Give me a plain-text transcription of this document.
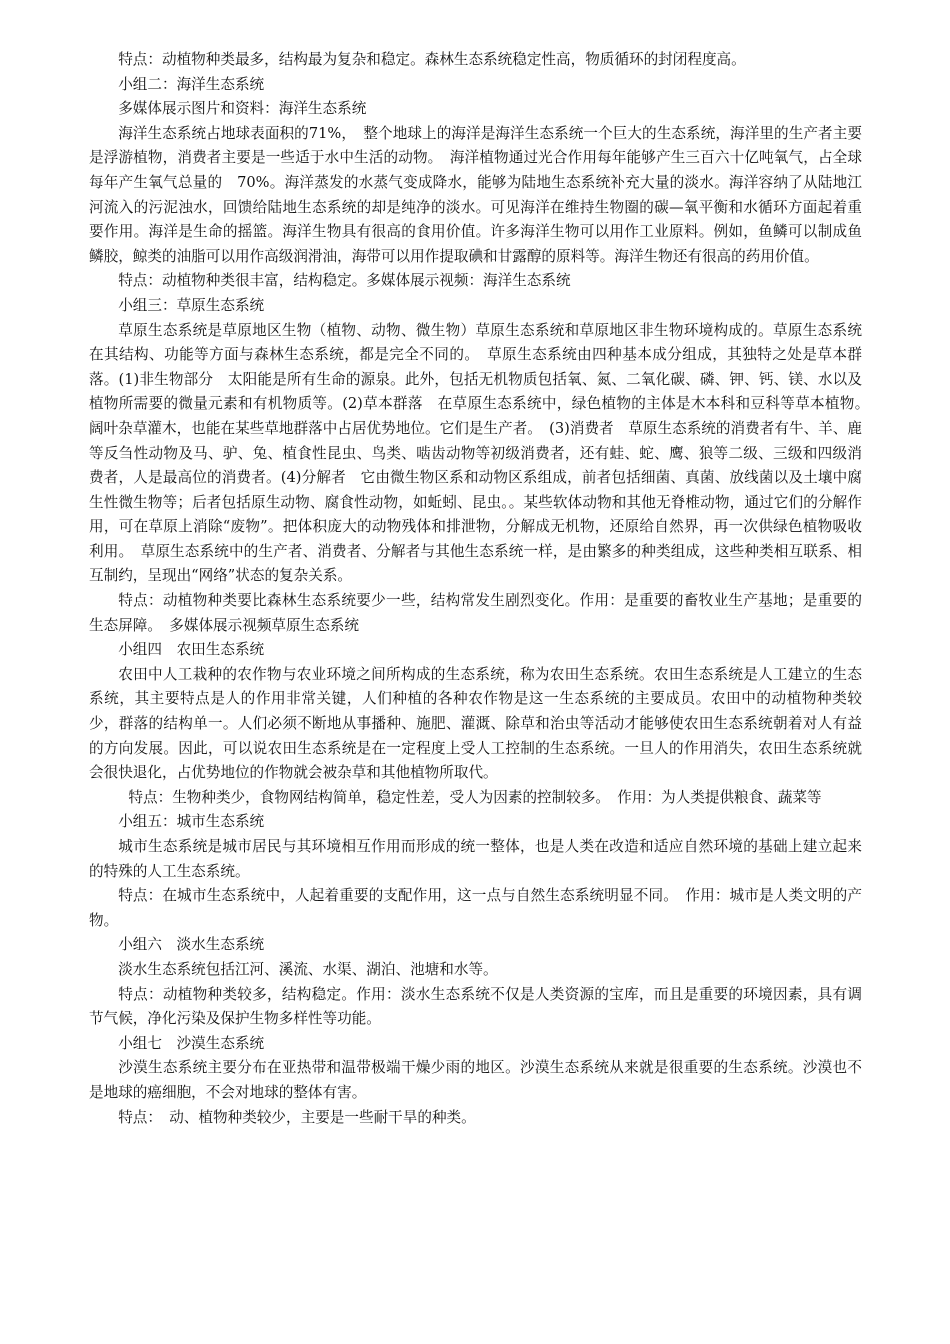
特点：动植物种类最多，结构最为复杂和稳定。森林生态系统稳定性高，物质循环的封闭程度高。

小组二：海洋生态系统

多媒体展示图片和资料：海洋生态系统

海洋生态系统占地球表面积的71%，　整个地球上的海洋是海洋生态系统一个巨大的生态系统，海洋里的生产者主要是浮游植物，消费者主要是一些适于水中生活的动物。　海洋植物通过光合作用每年能够产生三百六十亿吨氧气，占全球每年产生氧气总量的　70%。海洋蒸发的水蒸气变成降水，能够为陆地生态系统补充大量的淡水。海洋容纳了从陆地江河流入的污泥浊水，回馈给陆地生态系统的却是纯净的淡水。可见海洋在维持生物圈的碳—氧平衡和水循环方面起着重要作用。海洋是生命的摇篮。海洋生物具有很高的食用价值。许多海洋生物可以用作工业原料。例如，鱼鳞可以制成鱼鳞胶，鲸类的油脂可以用作高级润滑油，海带可以用作提取碘和甘露醇的原料等。海洋生物还有很高的药用价值。

特点：动植物种类很丰富，结构稳定。多媒体展示视频：海洋生态系统

小组三：草原生态系统

草原生态系统是草原地区生物（植物、动物、微生物）草原生态系统和草原地区非生物环境构成的。草原生态系统在其结构、功能等方面与森林生态系统，都是完全不同的。　草原生态系统由四种基本成分组成，其独特之处是草本群落。(1)非生物部分　太阳能是所有生命的源泉。此外，包括无机物质包括氧、氮、二氧化碳、磷、钾、钙、镁、水以及植物所需要的微量元素和有机物质等。(2)草本群落　在草原生态系统中，绿色植物的主体是木本科和豆科等草本植物。　阔叶杂草灌木，也能在某些草地群落中占居优势地位。它们是生产者。　(3)消费者　草原生态系统的消费者有牛、羊、鹿等反刍性动物及马、驴、兔、植食性昆虫、鸟类、啮齿动物等初级消费者，还有蛙、蛇、鹰、狼等二级、三级和四级消费者，人是最高位的消费者。(4)分解者　它由微生物区系和动物区系组成，前者包括细菌、真菌、放线菌以及土壤中腐生性微生物等；后者包括原生动物、腐食性动物，如蚯蚓、昆虫。。某些软体动物和其他无脊椎动物，通过它们的分解作用，可在草原上消除“废物”。把体积庞大的动物残体和排泄物，分解成无机物，还原给自然界，再一次供绿色植物吸收利用。　草原生态系统中的生产者、消费者、分解者与其他生态系统一样，是由繁多的种类组成，这些种类相互联系、相互制约，呈现出“网络”状态的复杂关系。

特点：动植物种类要比森林生态系统要少一些，结构常发生剧烈变化。作用：是重要的畜牧业生产基地；是重要的生态屏障。　多媒体展示视频草原生态系统

小组四　农田生态系统

农田中人工栽种的农作物与农业环境之间所构成的生态系统，称为农田生态系统。农田生态系统是人工建立的生态系统，其主要特点是人的作用非常关键，人们种植的各种农作物是这一生态系统的主要成员。农田中的动植物种类较少，群落的结构单一。人们必须不断地从事播种、施肥、灌溉、除草和治虫等活动才能够使农田生态系统朝着对人有益的方向发展。因此，可以说农田生态系统是在一定程度上受人工控制的生态系统。一旦人的作用消失，农田生态系统就会很快退化，占优势地位的作物就会被杂草和其他植物所取代。

特点：生物种类少，食物网结构简单，稳定性差，受人为因素的控制较多。　作用：为人类提供粮食、蔬菜等

小组五：城市生态系统

城市生态系统是城市居民与其环境相互作用而形成的统一整体，也是人类在改造和适应自然环境的基础上建立起来的特殊的人工生态系统。

特点：在城市生态系统中，人起着重要的支配作用，这一点与自然生态系统明显不同。　作用：城市是人类文明的产物。

小组六　淡水生态系统

淡水生态系统包括江河、溪流、水渠、湖泊、池塘和水等。

特点：动植物种类较多，结构稳定。作用：淡水生态系统不仅是人类资源的宝库，而且是重要的环境因素，具有调节气候，净化污染及保护生物多样性等功能。

小组七　沙漠生态系统

沙漠生态系统主要分布在亚热带和温带极端干燥少雨的地区。沙漠生态系统从来就是很重要的生态系统。沙漠也不是地球的癌细胞，不会对地球的整体有害。

特点：　动、植物种类较少，主要是一些耐干旱的种类。
